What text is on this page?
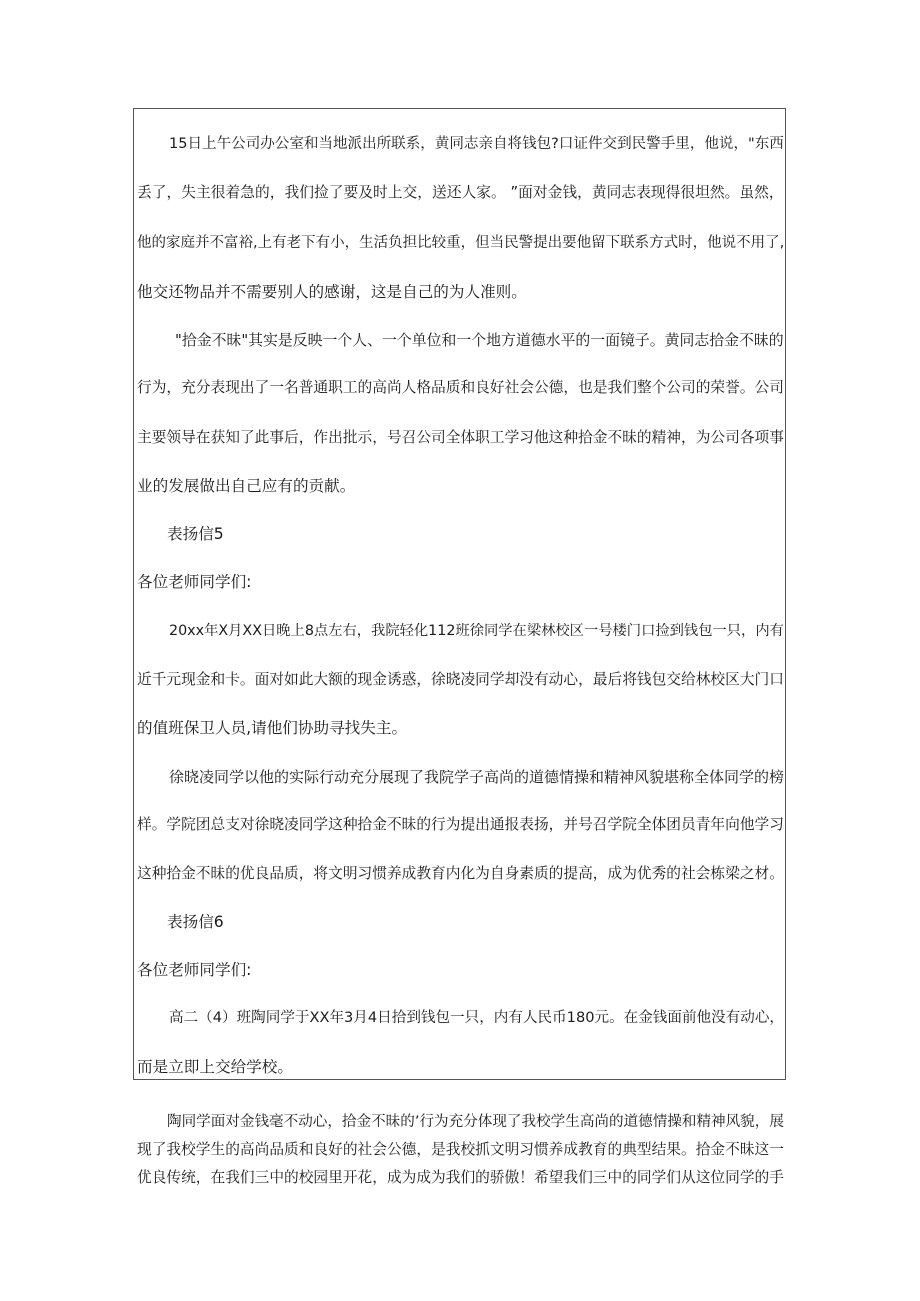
15日上午公司办公室和当地派出所联系，黄同志亲自将钱包?口证件交到民警手里，他说，"东西
丢了，失主很着急的，我们捡了要及时上交，送还人家。 ”面对金钱，黄同志表现得很坦然。虽然，
他的家庭并不富裕,上有老下有小，生活负担比较重，但当民警提出要他留下联系方式时，他说不用了,
他交还物品并不需要别人的感谢，这是自己的为人准则。
"拾金不昧"其实是反映一个人、一个单位和一个地方道德水平的一面镜子。黄同志拾金不昧的
行为，充分表现出了一名普通职工的高尚人格品质和良好社会公德，也是我们整个公司的荣誉。公司
主要领导在获知了此事后，作出批示，号召公司全体职工学习他这种拾金不昧的精神，为公司各项事
业的发展做出自己应有的贡献。
表扬信5
各位老师同学们:
20xx年X月XX日晚上8点左右，我院轻化112班徐同学在梁林校区一号楼门口捡到钱包一只，内有
近千元现金和卡。面对如此大额的现金诱惑，徐晓凌同学却没有动心，最后将钱包交给林校区大门口
的值班保卫人员,请他们协助寻找失主。
徐晓凌同学以他的实际行动充分展现了我院学子高尚的道德情操和精神风貌堪称全体同学的榜
样。学院团总支对徐晓凌同学这种拾金不昧的行为提出通报表扬，并号召学院全体团员青年向他学习
这种拾金不昧的优良品质，将文明习惯养成教育内化为自身素质的提高，成为优秀的社会栋梁之材。
表扬信6
各位老师同学们:
高二（4）班陶同学于XX年3月4日拾到钱包一只，内有人民币180元。在金钱面前他没有动心，
而是立即上交给学校。
陶同学面对金钱毫不动心，拾金不昧的’行为充分体现了我校学生高尚的道德情操和精神风貌，展
现了我校学生的高尚品质和良好的社会公德，是我校抓文明习惯养成教育的典型结果。拾金不昧这一
优良传统，在我们三中的校园里开花，成为成为我们的骄傲！希望我们三中的同学们从这位同学的手
